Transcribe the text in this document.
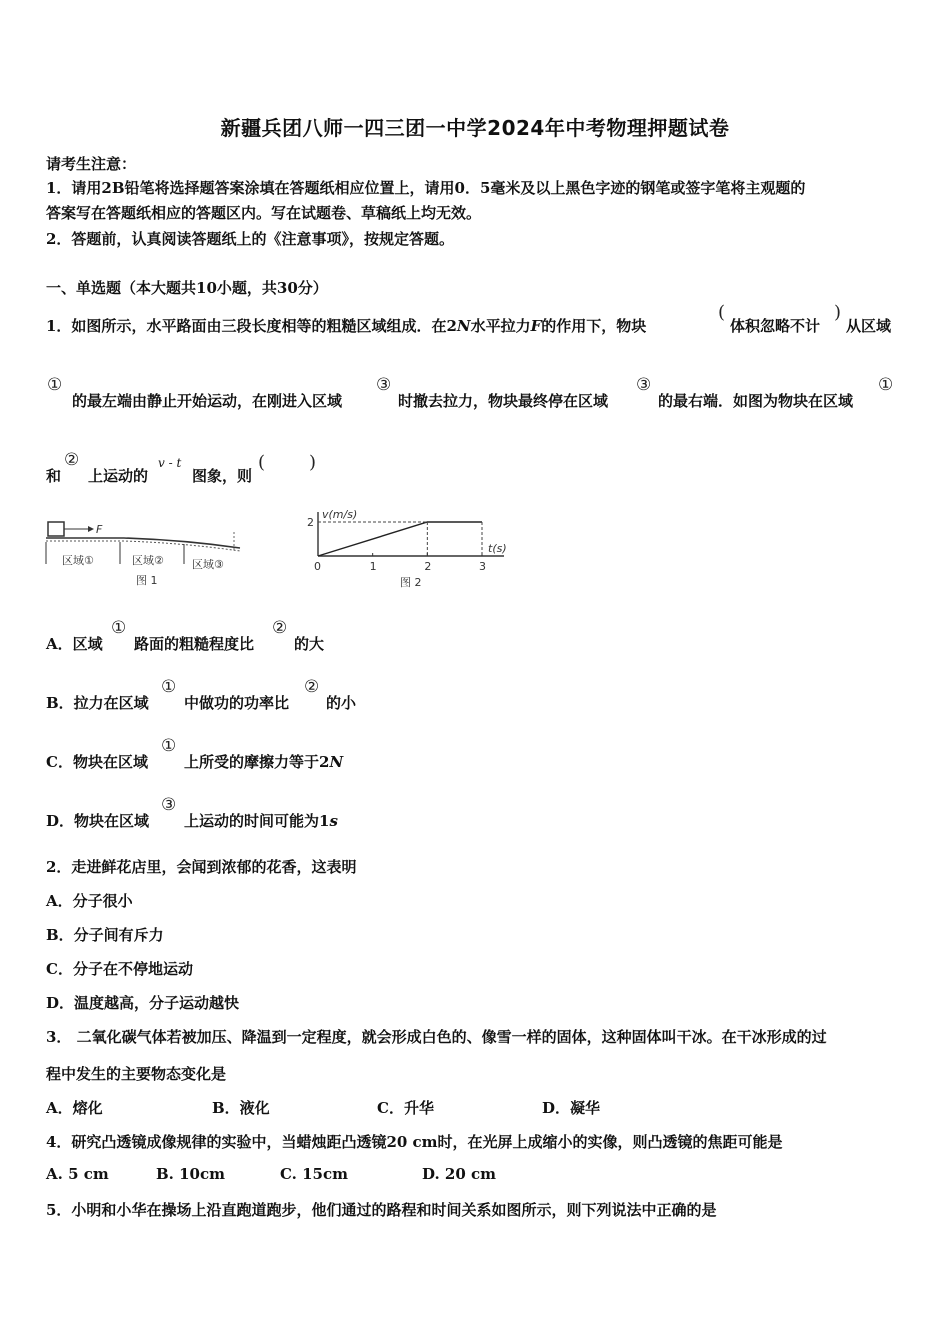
新疆兵团八师一四三团一中学2024年中考物理押题试卷
请考生注意：
1．请用2B铅笔将选择题答案涂填在答题纸相应位置上，请用0．5毫米及以上黑色字迹的钢笔或签字笔将主观题的
答案写在答题纸相应的答题区内。写在试题卷、草稿纸上均无效。
2．答题前，认真阅读答题纸上的《注意事项》，按规定答题。
一、单选题（本大题共10小题，共30分）
1．如图所示，水平路面由三段长度相等的粗糙区域组成．在2N水平拉力F的作用下，物块
(
体积忽略不计
)
从区域
①
的最左端由静止开始运动，在刚进入区域
③
时撤去拉力，物块最终停在区域
③
的最右端．如图为物块在区域
①
和
②
上运动的
v - t
图象，则
( )
F
区域①	区域②	区域③
图 1
v(m/s)
t(s)
0
图 2
1	2	3
2
A．区域
①
路面的粗糙程度比
②
的大
B．拉力在区域
①
中做功的功率比
②
的小
C．物块在区域
①
上所受的摩擦力等于2N
D．物块在区域
③
上运动的时间可能为1s
2．走进鲜花店里，会闻到浓郁的花香，这表明
A．分子很小
B．分子间有斥力
C．分子在不停地运动
D．温度越高，分子运动越快
3． 二氧化碳气体若被加压、降温到一定程度，就会形成白色的、像雪一样的固体，这种固体叫干冰。在干冰形成的过
程中发生的主要物态变化是
A．熔化	B．液化	C．升华	D．凝华
4．研究凸透镜成像规律的实验中，当蜡烛距凸透镜20 cm时，在光屏上成缩小的实像，则凸透镜的焦距可能是
A. 5 cm	B. 10cm	C. 15cm	D. 20 cm
5．小明和小华在操场上沿直跑道跑步，他们通过的路程和时间关系如图所示，则下列说法中正确的是
